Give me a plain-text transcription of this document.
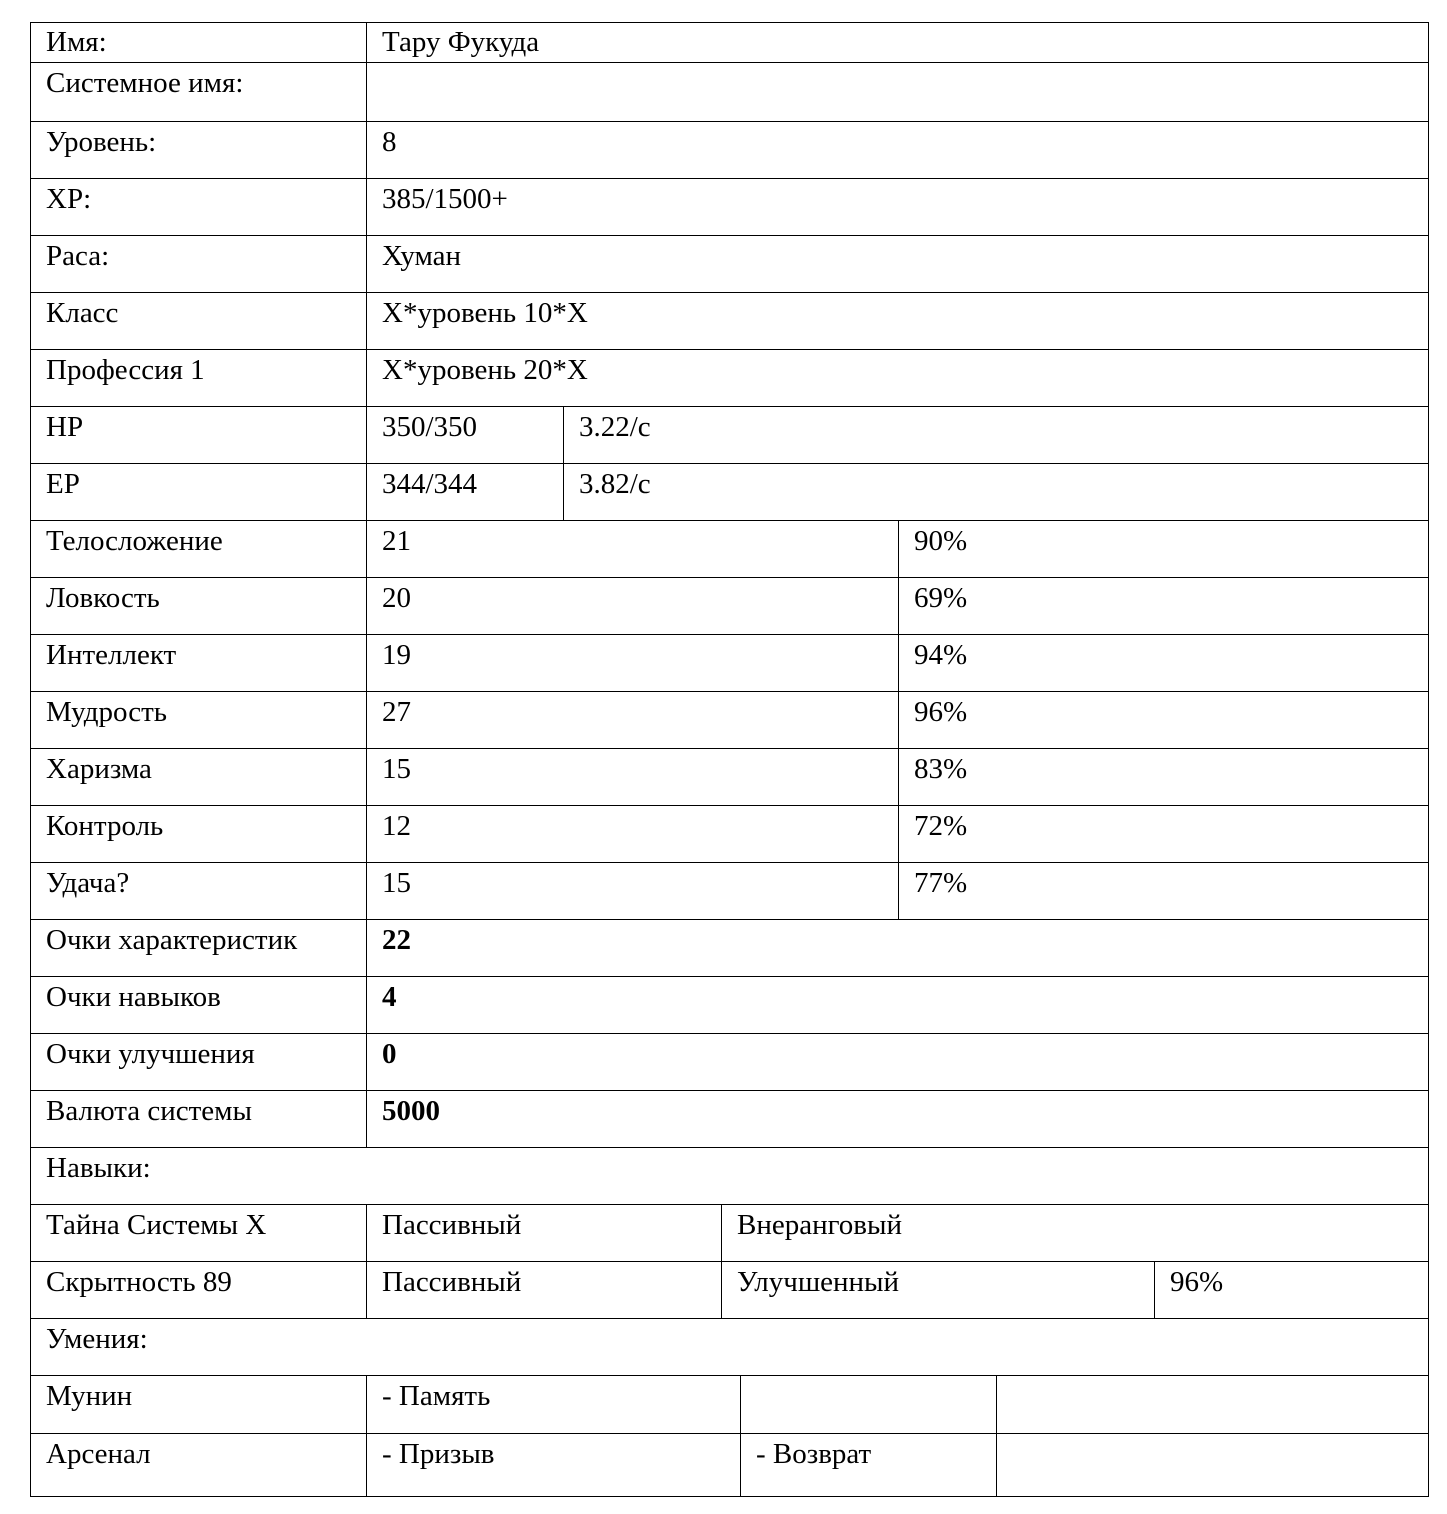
Имя:	Тару Фукуда
Системное имя:
Уровень:	8
XP:	385/1500+
Раса:	Хуман
Класс	X*уровень 10*X
Профессия 1	X*уровень 20*X
HP	350/350	3.22/с
EP	344/344	3.82/с
Телосложение	21	90%
Ловкость	20	69%
Интеллект	19	94%
Мудрость	27	96%
Харизма	15	83%
Контроль	12	72%
Удача?	15	77%
Очки характеристик	22
Очки навыков	4
Очки улучшения	0
Валюта системы	5000
Навыки:
Тайна Системы X	Пассивный	Внеранговый
Скрытность 89	Пассивный	Улучшенный	96%
Умения:
Мунин	- Память
Арсенал	- Призыв	- Возврат
